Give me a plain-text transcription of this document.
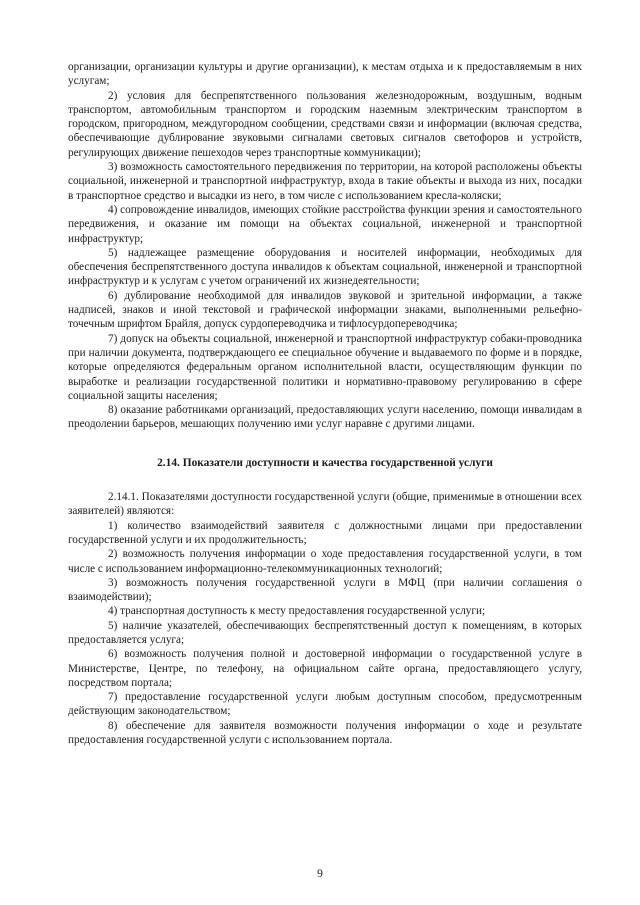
организации, организации культуры и другие организации), к местам отдыха и к предоставляемым в них услугам;

2) условия для беспрепятственного пользования железнодорожным, воздушным, водным транспортом, автомобильным транспортом и городским наземным электрическим транспортом в городском, пригородном, междугородном сообщении, средствами связи и информации (включая средства, обеспечивающие дублирование звуковыми сигналами световых сигналов светофоров и устройств, регулирующих движение пешеходов через транспортные коммуникации);

3) возможность самостоятельного передвижения по территории, на которой расположены объекты социальной, инженерной и транспортной инфраструктур, входа в такие объекты и выхода из них, посадки в транспортное средство и высадки из него, в том числе с использованием кресла-коляски;

4) сопровождение инвалидов, имеющих стойкие расстройства функции зрения и самостоятельного передвижения, и оказание им помощи на объектах социальной, инженерной и транспортной инфраструктур;

5) надлежащее размещение оборудования и носителей информации, необходимых для обеспечения беспрепятственного доступа инвалидов к объектам социальной, инженерной и транспортной инфраструктур и к услугам с учетом ограничений их жизнедеятельности;

6) дублирование необходимой для инвалидов звуковой и зрительной информации, а также надписей, знаков и иной текстовой и графической информации знаками, выполненными рельефно-точечным шрифтом Брайля, допуск сурдопереводчика и тифлосурдопереводчика;

7) допуск на объекты социальной, инженерной и транспортной инфраструктур собаки-проводника при наличии документа, подтверждающего ее специальное обучение и выдаваемого по форме и в порядке, которые определяются федеральным органом исполнительной власти, осуществляющим функции по выработке и реализации государственной политики и нормативно-правовому регулированию в сфере социальной защиты населения;

8) оказание работниками организаций, предоставляющих услуги населению, помощи инвалидам в преодолении барьеров, мешающих получению ими услуг наравне с другими лицами.

2.14. Показатели доступности и качества государственной услуги

2.14.1. Показателями доступности государственной услуги (общие, применимые в отношении всех заявителей) являются:

1) количество взаимодействий заявителя с должностными лицами при предоставлении государственной услуги и их продолжительность;

2) возможность получения информации о ходе предоставления государственной услуги, в том числе с использованием информационно-телекоммуникационных технологий;

3) возможность получения государственной услуги в МФЦ (при наличии соглашения о взаимодействии);

4) транспортная доступность к месту предоставления государственной услуги;

5) наличие указателей, обеспечивающих беспрепятственный доступ к помещениям, в которых предоставляется услуга;

6) возможность получения полной и достоверной информации о государственной услуге в Министерстве, Центре, по телефону, на официальном сайте органа, предоставляющего услугу, посредством портала;

7) предоставление государственной услуги любым доступным способом, предусмотренным действующим законодательством;

8) обеспечение для заявителя возможности получения информации о ходе и результате предоставления государственной услуги с использованием портала.

9
